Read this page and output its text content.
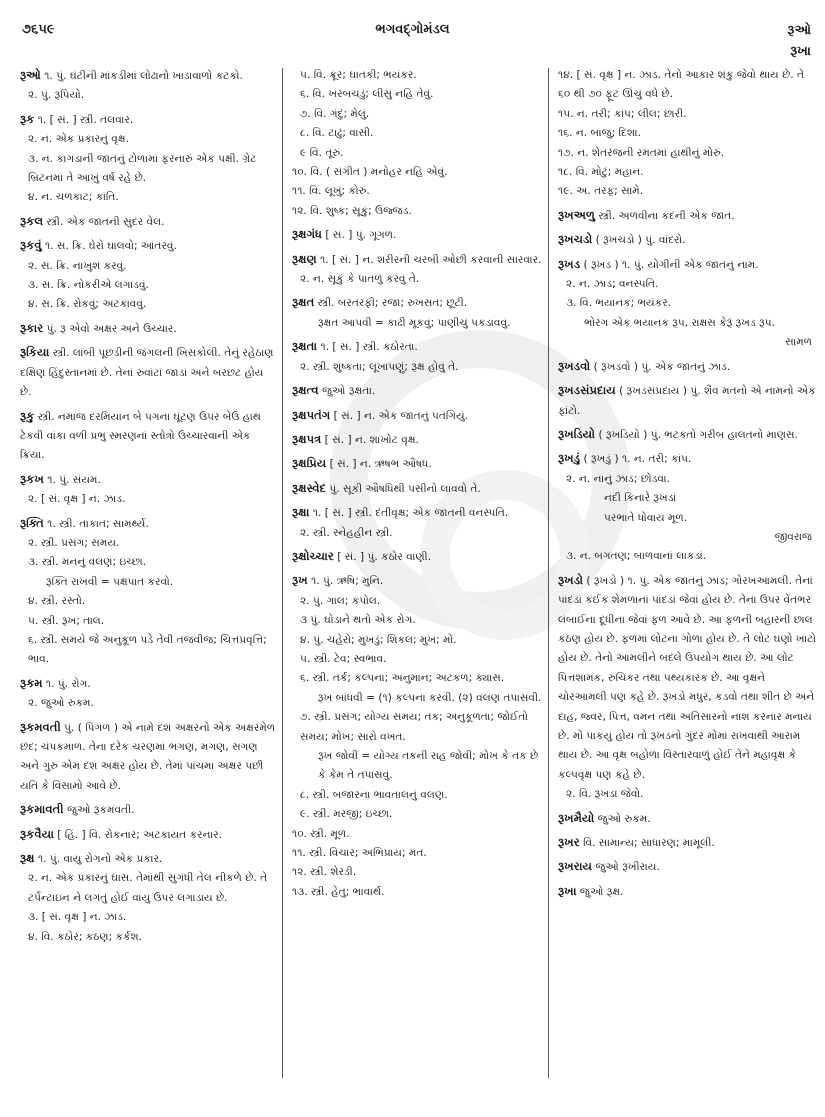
૭૬૫૯	ભગવદ્ગોમંડલ	રૂઓ
રૂખા
રૂઓ ૧. પું. ઘંટીની માંકડીમાં લોઢાનો ખાડાવાળો કટકો.
૨. પું. રૂપિયો.
રૂક ૧. [ સં. ] સ્ત્રી. તલવાર.
૨. ન. એક પ્રકારનું વૃક્ષ.
૩. ન. કાગડાની જાતનું ટોળામાં ફરનારું એક પક્ષી. ગ્રેટ બ્રિટનમાં તે આખું વર્ષ રહે છે.
૪. ન. ચળકાટ; કાંતિ.
રૂકલ સ્ત્રી. એક જાતની સુંદર વેલ.
રૂકવું ૧. સ. ક્રિ. ઘેરો ઘાલવો; આંતરવું.
૨. સ. ક્રિ. નાખુશ કરવું.
૩. સ. ક્રિ. નોકરીએ લગાડવું.
૪. સ. ક્રિ. રોકવું; અટકાવવું.
રૂકાર પું. રૂ એવો અક્ષર અને ઉચ્ચાર.
રૂકિયા સ્ત્રી. લાંબી પૂછડીની જંગલની ખિસકોલી. તેનું રહેઠાણ દક્ષિણ હિંદુસ્તાનમાં છે. તેનાં રુવાંટાં જાડાં અને બરછટ હોય છે.
રૂકુ સ્ત્રી. નમાજ દરમિયાન બે પગના ઘૂંટણ ઉપર બેઉ હાથ ટેકવી વાંકા વળી પ્રભુ સ્મરણનાં સ્તોત્રો ઉચ્ચારવાની એક ક્રિયા.
રૂકખ ૧. પું. સંયમ.
૨. [ સં. વૃક્ષ ] ન. ઝાડ.
રૂક્તિ ૧. સ્ત્રી. તાકાત; સામર્થ્ય.
૨. સ્ત્રી. પ્રસંગ; સમય.
૩. સ્ત્રી. મનનું વલણ; ઇચ્છા.
રૂક્તિ રાખવી = પક્ષપાત કરવો.
૪. સ્ત્રી. રસ્તો.
૫. સ્ત્રી. રૂખ; તાલ.
૬. સ્ત્રી. સમયે જે અનુકૂળ પડે તેવી તજવીજ; ચિત્તપ્રવૃત્તિ; ભાવ.
રૂકમ ૧. પું. રોગ.
૨. જુઓ રુકમ.
રૂકમવતી પું. ( પિંગળ ) એ નામે દશ અક્ષરનો એક અક્ષરમેળ છંદ; ચંપકમાળ. તેના દરેક ચરણમાં ભગણ, મગણ, સગણ અને ગુરુ એમ દશ અક્ષર હોય છે. તેમાં પાંચમા અક્ષર પછી યતિ કે વિસામો આવે છે.
રૂકમાવતી જુઓ રૂકમવતી.
રૂકવૈયા [ હિં. ] વિ. રોકનાર; અટકાયત કરનાર.
રૂક્ષ ૧. પું. વાયુ રોગનો એક પ્રકાર.
૨. ન. એક પ્રકારનું ઘાસ. તેમાંથી સુગંધી તેલ નીકળે છે. તે ટર્પેન્ટાઇન ને લગતું હોઈ વાયુ ઉપર લગાડાય છે.
૩. [ સં. વૃક્ષ ] ન. ઝાડ.
૪. વિ. કઠોર; કઠણ; કર્કશ.
૫. વિ. ક્રૂર; ઘાતકી; ભયંકર.
૬. વિ. ખરબચડું; લીસું નહિ તેવું.
૭. વિ. ગંદું; મેલું.
૮. વિ. ટાઢું; વાસી.
૯ વિ. તૂરું.
૧૦. વિ. ( સંગીત ) મનોહર નહિ એવું.
૧૧. વિ. લૂખું; કોરું.
૧૨. વિ. શુષ્ક; સૂકું; ઉજ્જડ.
રૂક્ષગંધ [ સં. ] પું. ગૂગળ.
રૂક્ષણ ૧. [ સં. ] ન. શરીરની ચરબી ઓછી કરવાની સારવાર.
૨. ન. સૂકું કે પાતળું કરવું તે.
રૂક્ષત સ્ત્રી. બરતરફી; રજા; રુખસત; છૂટી.
રૂક્ષત આપવી = કાઢી મૂકવું; પાણીચું પકડાવવું.
રૂક્ષતા ૧. [ સં. ] સ્ત્રી. કઠોરતા.
૨. સ્ત્રી. શુષ્કતા; લૂખાપણું; રૂક્ષ હોવું તે.
રૂક્ષત્વ જુઓ રૂક્ષતા.
રૂક્ષપતંગ [ સં. ] ન. એક જાતનું પતંગિયું.
રૂક્ષપત્ર [ સં. ] ન. શાખોટ વૃક્ષ.
રૂક્ષપ્રિય [ સં. ] ન. ઋષભ ઔષધ.
રૂક્ષસ્વેદ પું. સૂકી ઔષધિથી પસીનો લાવવો તે.
રૂક્ષા ૧. [ સં. ] સ્ત્રી. દંતીવૃક્ષ; એક જાતની વનસ્પતિ.
૨. સ્ત્રી. સ્નેહહીન સ્ત્રી.
રૂક્ષોચ્ચાર [ સં. ] પું. કઠોર વાણી.
રૂખ ૧. પું. ઋષિ; મુનિ.
૨. પું. ગાલ; કપોલ.
૩ પું. ઘોડાને થતો એક રોગ.
૪. પું. ચહેરો; મુખડું; શિકલ; મુખ; મોં.
૫. સ્ત્રી. ટેવ; સ્વભાવ.
૬. સ્ત્રી. તર્ક; કલ્પના; અનુમાન; અટકળ; ક્યાસ.
રૂખ બાંધવી = (૧) કલ્પના કરવી. (૨) વલણ તપાસવી.
૭. સ્ત્રી. પ્રસંગ; યોગ્ય સમય; તક; અનુકૂળતા; જોઈતો સમય; મોખ; સારો વખત.
રૂખ જોવી = યોગ્ય તકની રાહ જોવી; મોખ કે તક છે કે કેમ તે તપાસવું.
૮. સ્ત્રી. બજારના ભાવતાલનું વલણ.
૯. સ્ત્રી. મરજી; ઇચ્છા.
૧૦. સ્ત્રી. મૂળ.
૧૧. સ્ત્રી. વિચાર; અભિપ્રાય; મત.
૧૨. સ્ત્રી. શેરડી.
૧૩. સ્ત્રી. હેતુ; ભાવાર્થ.
૧૪. [ સં. વૃક્ષ ] ન. ઝાડ. તેનો આકાર શંકુ જેવો થાય છે. તે ૬૦ થી ૭૦ ફૂટ ઊંચું વધે છે.
૧૫. ન. તરી; કાંપ; લીલ; છારી.
૧૬. ન. બાજુ; દિશા.
૧૭. ન. શેતરંજની રમતમાં હાથીનું મોરું.
૧૮. વિ. મોટું; મહાન.
૧૯. અ. તરફ; સામે.
રૂખઅળુ સ્ત્રી. અળવીના કંદની એક જાત.
રૂખચડો ( રૂખચડો ) પું. વાંદરો.
રૂખડ ( રૂખડ ) ૧. પું. યોગીની એક જાતનું નામ.
૨. ન. ઝાડ; વનસ્પતિ.
૩. વિ. ભયાનક; ભયંકર.
ભોરંગ એક ભયાનક રૂપ, રાક્ષસ કેરૂં રૂખડ રૂપ.
સામળ
રૂખડવો ( રૂખડવો ) પું. એક જાતનું ઝાડ.
રૂખડસંપ્રદાય ( રૂખડસંપ્રદાય ) પું. શૈવ મતનો એ નામનો એક ફાંટો.
રૂખડિયો ( રૂખડિયો ) પું. ભટકતો ગરીબ હાલતનો માણસ.
રૂખડું ( રૂખડું ) ૧. ન. તરી; કાંપ.
૨. ન. નાનું ઝાડ; છોડવા.
નદી કિનારે રૂખડાં
પરભાતે ધોવાય મૂળ.
જીવરાજ
૩. ન. બગતણ; બાળવાનાં લાકડાં.
રૂખડો ( રૂખડો ) ૧. પું. એક જાતનું ઝાડ; ગોરખઆમલી. તેનાં પાંદડાં કંઈક શેમળાનાં પાંદડાં જેવાં હોય છે. તેના ઉપર વેંતભર લંબાઈના દૂધીના જેવાં ફળ આવે છે. આ ફળની બહારની છાલ કઠણ હોય છે. ફળમાં લોટના ગોળા હોય છે. તે લોટ ઘણો ખાટો હોય છે. તેનો આમલીને બદલે ઉપયોગ થાય છે. આ લોટ પિત્તશામક, રુચિકર તથા પથ્યકારક છે. આ વૃક્ષને ચોરઆમલી પણ કહે છે. રૂખડો મધુર, કડવો તથા શીત છે અને દાહ, જ્વર, પિત્ત, વમન તથા અતિસારનો નાશ કરનાર મનાય છે. મોં પાકયું હોય તો રૂખડનો ગુંદર મોંમાં રાખવાથી આરામ થાય છે. આ વૃક્ષ બહોળા વિસ્તારવાળું હોઈ તેને મહાવૃક્ષ કે કલ્પવૃક્ષ પણ કહે છે.
૨. વિ. રૂખડા જેવો.
રૂખમૈયો જુઓ રુકમ.
રૂખર વિ. સામાન્ય; સાધારણ; મામૂલી.
રૂખરાય જુઓ રૂખીરાય.
રૂખા જુઓ રૂક્ષ.
